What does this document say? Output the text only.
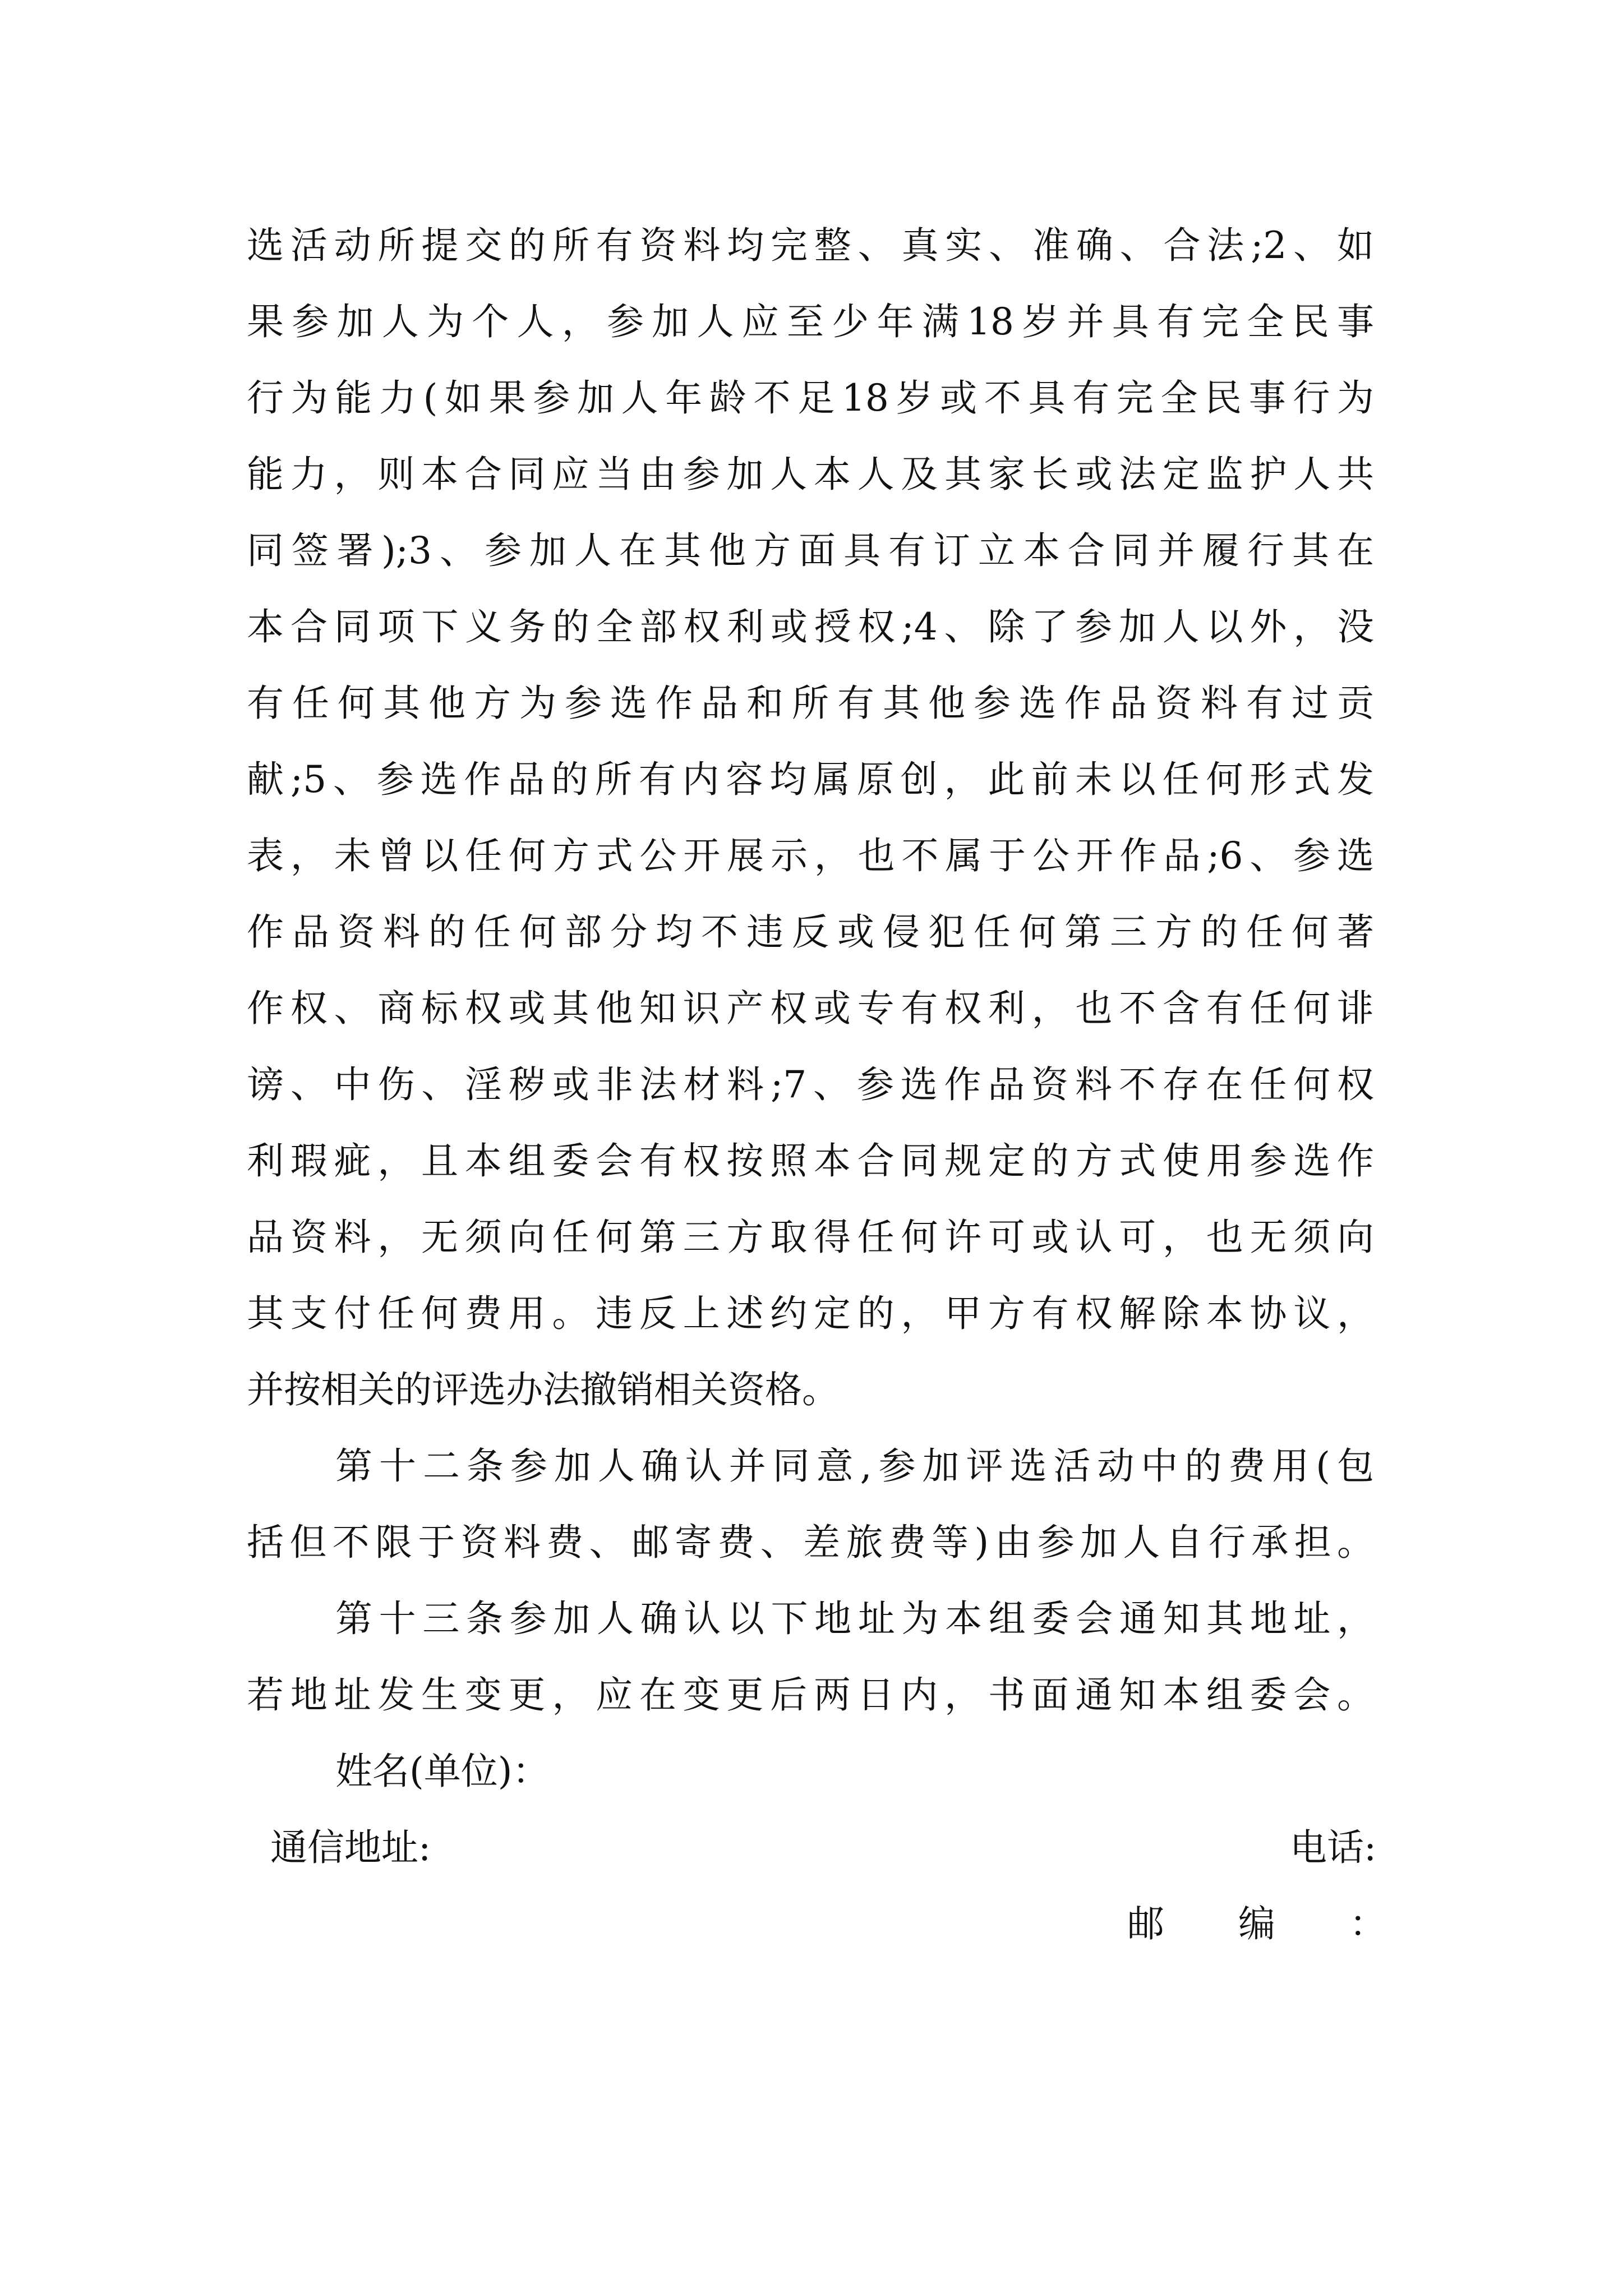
选活动所提交的所有资料均完整、真实、准确、合法;2、如
果参加人为个人，参加人应至少年满18岁并具有完全民事
行为能力(如果参加人年龄不足18岁或不具有完全民事行为
能力，则本合同应当由参加人本人及其家长或法定监护人共
同签署);3、参加人在其他方面具有订立本合同并履行其在
本合同项下义务的全部权利或授权;4、除了参加人以外，没
有任何其他方为参选作品和所有其他参选作品资料有过贡
献;5、参选作品的所有内容均属原创，此前未以任何形式发
表，未曾以任何方式公开展示，也不属于公开作品;6、参选
作品资料的任何部分均不违反或侵犯任何第三方的任何著
作权、商标权或其他知识产权或专有权利，也不含有任何诽
谤、中伤、淫秽或非法材料;7、参选作品资料不存在任何权
利瑕疵，且本组委会有权按照本合同规定的方式使用参选作
品资料，无须向任何第三方取得任何许可或认可，也无须向
其支付任何费用。违反上述约定的，甲方有权解除本协议，
并按相关的评选办法撤销相关资格。
第十二条参加人确认并同意,参加评选活动中的费用(包
括但不限于资料费、邮寄费、差旅费等)由参加人自行承担。
第十三条参加人确认以下地址为本组委会通知其地址，
若地址发生变更，应在变更后两日内，书面通知本组委会。
姓名(单位)：
通信地址:	电话:
邮　　编　　：
